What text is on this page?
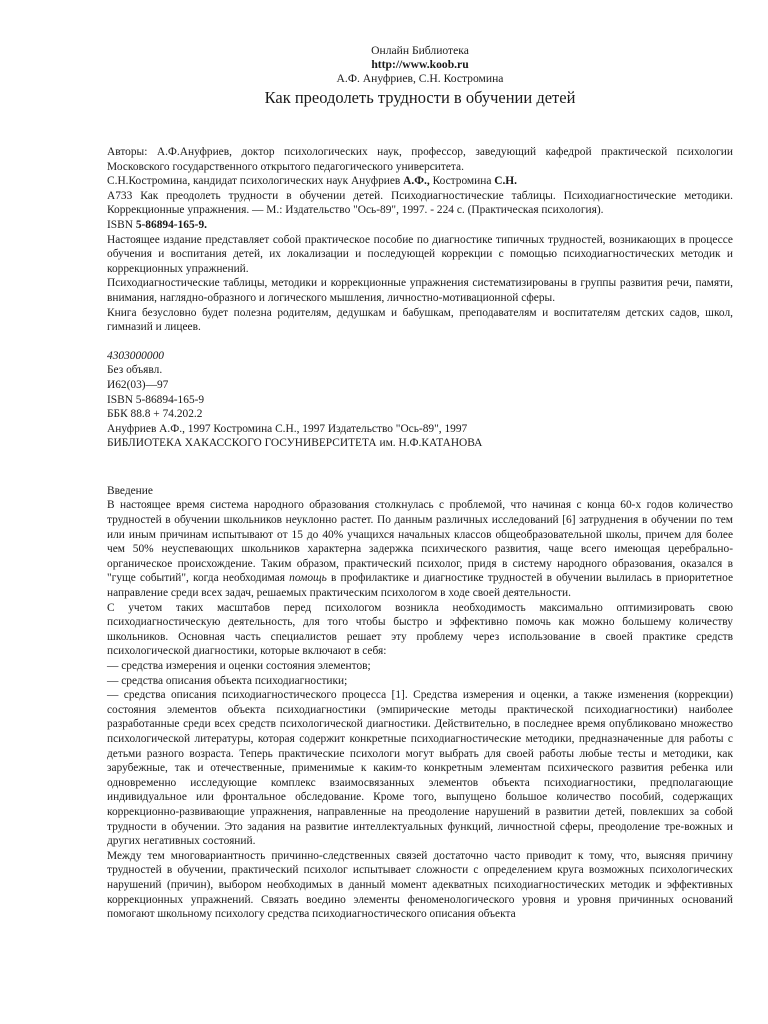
Онлайн Библиотека
http://www.koob.ru
А.Ф. Ануфриев, С.Н. Костромина
Как преодолеть трудности в обучении детей

Авторы: А.Ф.Ануфриев, доктор психологических наук, профессор, заведующий кафедрой практической психологии Московского государственного открытого педагогического университета.

С.Н.Костромина, кандидат психологических наук Ануфриев А.Ф., Костромина С.Н.

А733 Как преодолеть трудности в обучении детей. Психодиагностические таблицы. Психодиагностические методики. Коррекционные упражнения. — М.: Издательство "Ось-89", 1997. - 224 с. (Практическая психология).

ISBN 5-86894-165-9.

Настоящее издание представляет собой практическое пособие по диагностике типичных трудностей, возникающих в процессе обучения и воспитания детей, их локализации и последующей коррекции с помощью психодиагностических методик и коррекционных упражнений.

Психодиагностические таблицы, методики и коррекционные упражнения систематизированы в группы развития речи, памяти, внимания, наглядно-образного и логического мышления, личностно-мотивационной сферы.

Книга безусловно будет полезна родителям, дедушкам и бабушкам, преподавателям и воспитателям детских садов, школ, гимназий и лицеев.

4303000000

Без объявл.

И62(03)—97

ISBN 5-86894-165-9

ББК 88.8 + 74.202.2

Ануфриев А.Ф., 1997 Костромина С.Н., 1997 Издательство "Ось-89", 1997

БИБЛИОТЕКА ХАКАССКОГО ГОСУНИВЕРСИТЕТА им. Н.Ф.КАТАНОВА

Введение

В настоящее время система народного образования столкнулась с проблемой, что начиная с конца 60-х годов количество трудностей в обучении школьников неуклонно растет. По данным различных исследований [6] затруднения в обучении по тем или иным причинам испытывают от 15 до 40% учащихся начальных классов общеобразовательной школы, причем для более чем 50% неуспевающих школьников характерна задержка психического развития, чаще всего имеющая церебрально-органическое происхождение. Таким образом, практический психолог, придя в систему народного образования, оказался в "гуще событий", когда необходимая помощь в профилактике и диагностике трудностей в обучении вылилась в приоритетное направление среди всех задач, решаемых практическим психологом в ходе своей деятельности.

С учетом таких масштабов перед психологом возникла необходимость максимально оптимизировать свою психодиагностическую деятельность, для того чтобы быстро и эффективно помочь как можно большему количеству школьников. Основная часть специалистов решает эту проблему через использование в своей практике средств психологической диагностики, которые включают в себя:

— средства измерения и оценки состояния элементов;

— средства описания объекта психодиагностики;

— средства описания психодиагностического процесса [1]. Средства измерения и оценки, а также изменения (коррекции) состояния элементов объекта психодиагностики (эмпирические методы практической психодиагностики) наиболее разработанные среди всех средств психологической диагностики. Действительно, в последнее время опубликовано множество психологической литературы, которая содержит конкретные психодиагностические методики, предназначенные для работы с детьми разного возраста. Теперь практические психологи могут выбрать для своей работы любые тесты и методики, как зарубежные, так и отечественные, применимые к каким-то конкретным элементам психического развития ребенка или одновременно исследующие комплекс взаимосвязанных элементов объекта психодиагностики, предполагающие индивидуальное или фронтальное обследование. Кроме того, выпущено большое количество пособий, содержащих коррекционно-развивающие упражнения, направленные на преодоление нарушений в развитии детей, повлекших за собой трудности в обучении. Это задания на развитие интеллектуальных функций, личностной сферы, преодоление тре-вожных и других негативных состояний.

Между тем многовариантность причинно-следственных связей достаточно часто приводит к тому, что, выясняя причину трудностей в обучении, практический психолог испытывает сложности с определением круга возможных психологических нарушений (причин), выбором необходимых в данный момент адекватных психодиагностических методик и эффективных коррекционных упражнений. Связать воедино элементы феноменологического уровня и уровня причинных оснований помогают школьному психологу средства психодиагностического описания объекта
